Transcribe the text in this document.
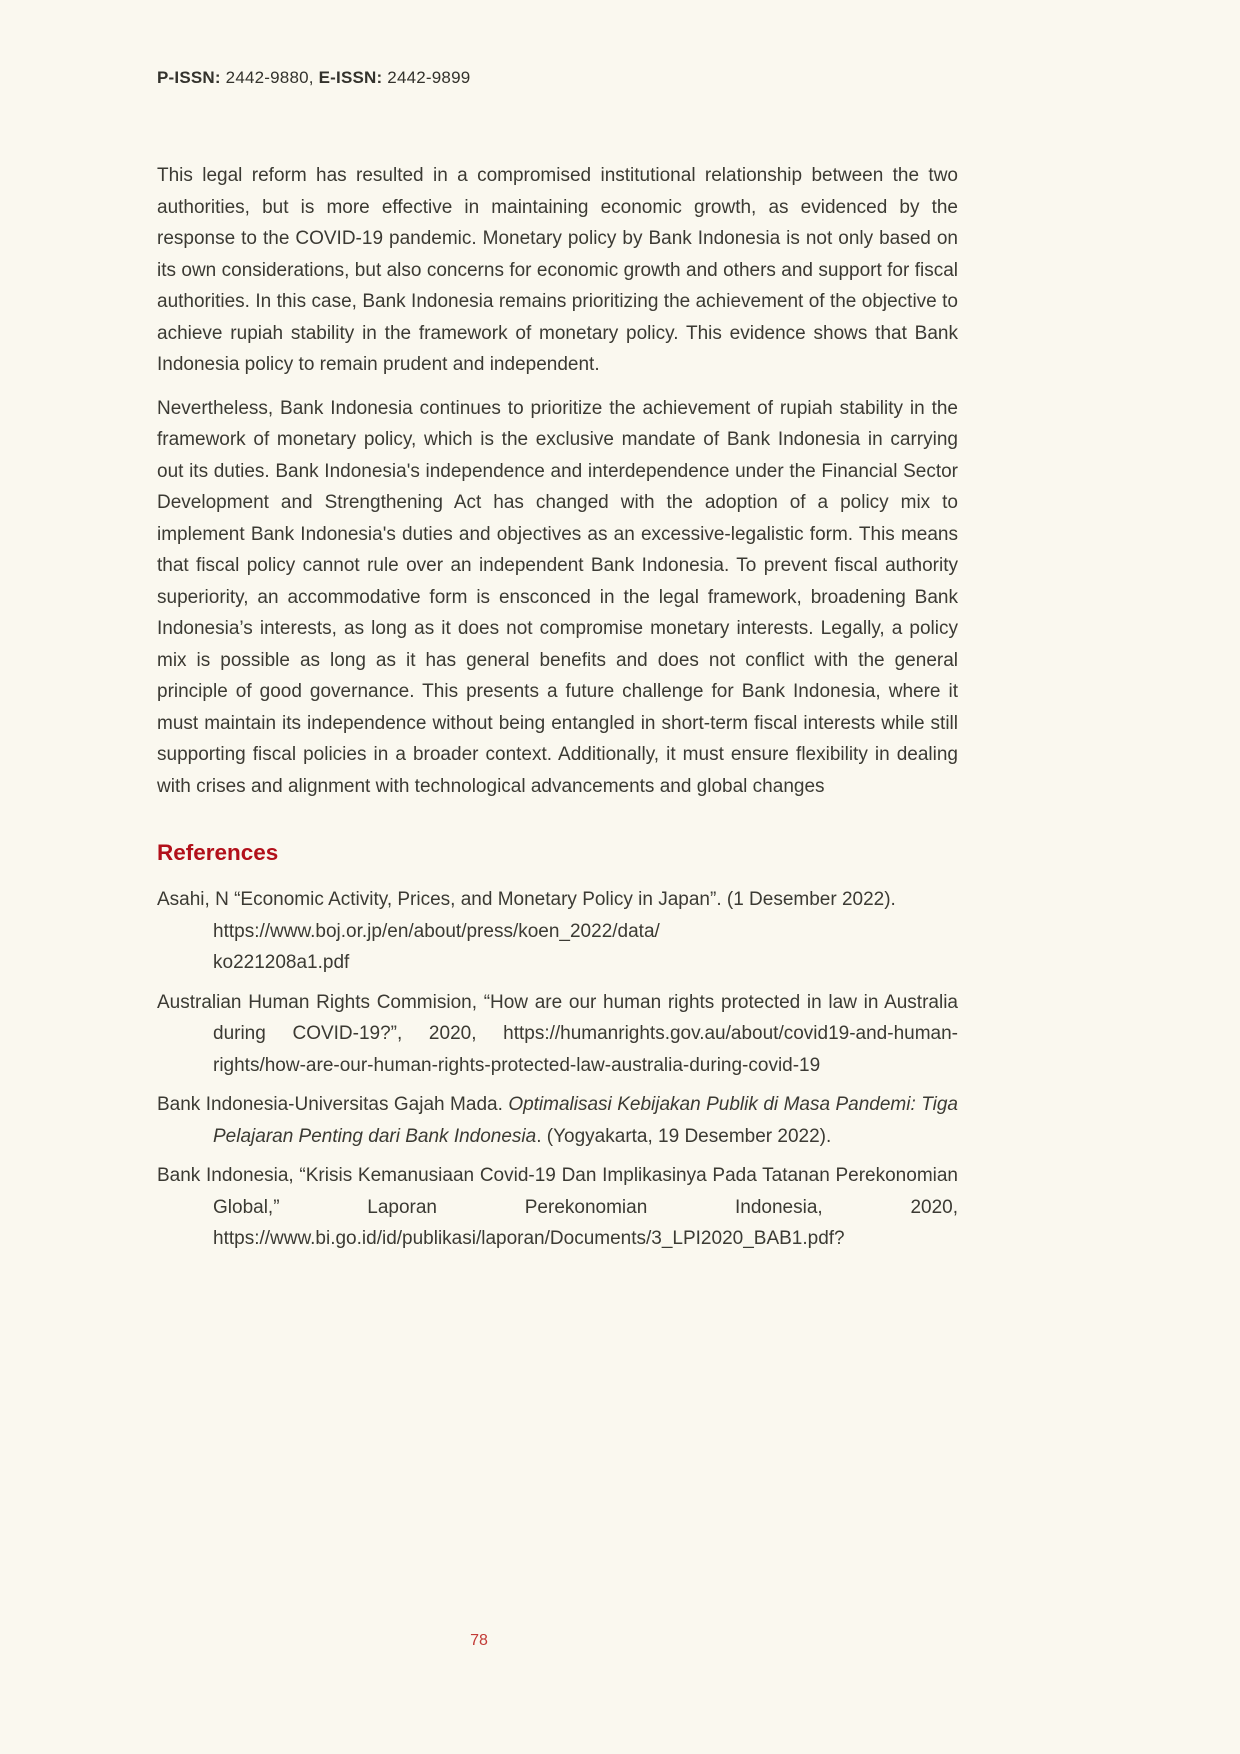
P-ISSN: 2442-9880, E-ISSN: 2442-9899

This legal reform has resulted in a compromised institutional relationship between the two authorities, but is more effective in maintaining economic growth, as evidenced by the response to the COVID-19 pandemic. Monetary policy by Bank Indonesia is not only based on its own considerations, but also concerns for economic growth and others and support for fiscal authorities. In this case, Bank Indonesia remains prioritizing the achievement of the objective to achieve rupiah stability in the framework of monetary policy. This evidence shows that Bank Indonesia policy to remain prudent and independent.

Nevertheless, Bank Indonesia continues to prioritize the achievement of rupiah stability in the framework of monetary policy, which is the exclusive mandate of Bank Indonesia in carrying out its duties. Bank Indonesia's independence and interdependence under the Financial Sector Development and Strengthening Act has changed with the adoption of a policy mix to implement Bank Indonesia's duties and objectives as an excessive-legalistic form. This means that fiscal policy cannot rule over an independent Bank Indonesia. To prevent fiscal authority superiority, an accommodative form is ensconced in the legal framework, broadening Bank Indonesia’s interests, as long as it does not compromise monetary interests. Legally, a policy mix is possible as long as it has general benefits and does not conflict with the general principle of good governance. This presents a future challenge for Bank Indonesia, where it must maintain its independence without being entangled in short-term fiscal interests while still supporting fiscal policies in a broader context. Additionally, it must ensure flexibility in dealing with crises and alignment with technological advancements and global changes

References

Asahi, N “Economic Activity, Prices, and Monetary Policy in Japan”. (1 Desember 2022).
https://www.boj.or.jp/en/about/press/koen_2022/data/
ko221208a1.pdf

Australian Human Rights Commision, “How are our human rights protected in law in Australia during COVID-19?”, 2020, https://humanrights.gov.au/about/covid19-and-human-rights/how-are-our-human-rights-protected-law-australia-during-covid-19

Bank Indonesia-Universitas Gajah Mada. Optimalisasi Kebijakan Publik di Masa Pandemi: Tiga Pelajaran Penting dari Bank Indonesia. (Yogyakarta, 19 Desember 2022).

Bank Indonesia, “Krisis Kemanusiaan Covid-19 Dan Implikasinya Pada Tatanan Perekonomian Global,” Laporan Perekonomian Indonesia, 2020, https://www.bi.go.id/id/publikasi/laporan/Documents/3_LPI2020_BAB1.pdf?

78
